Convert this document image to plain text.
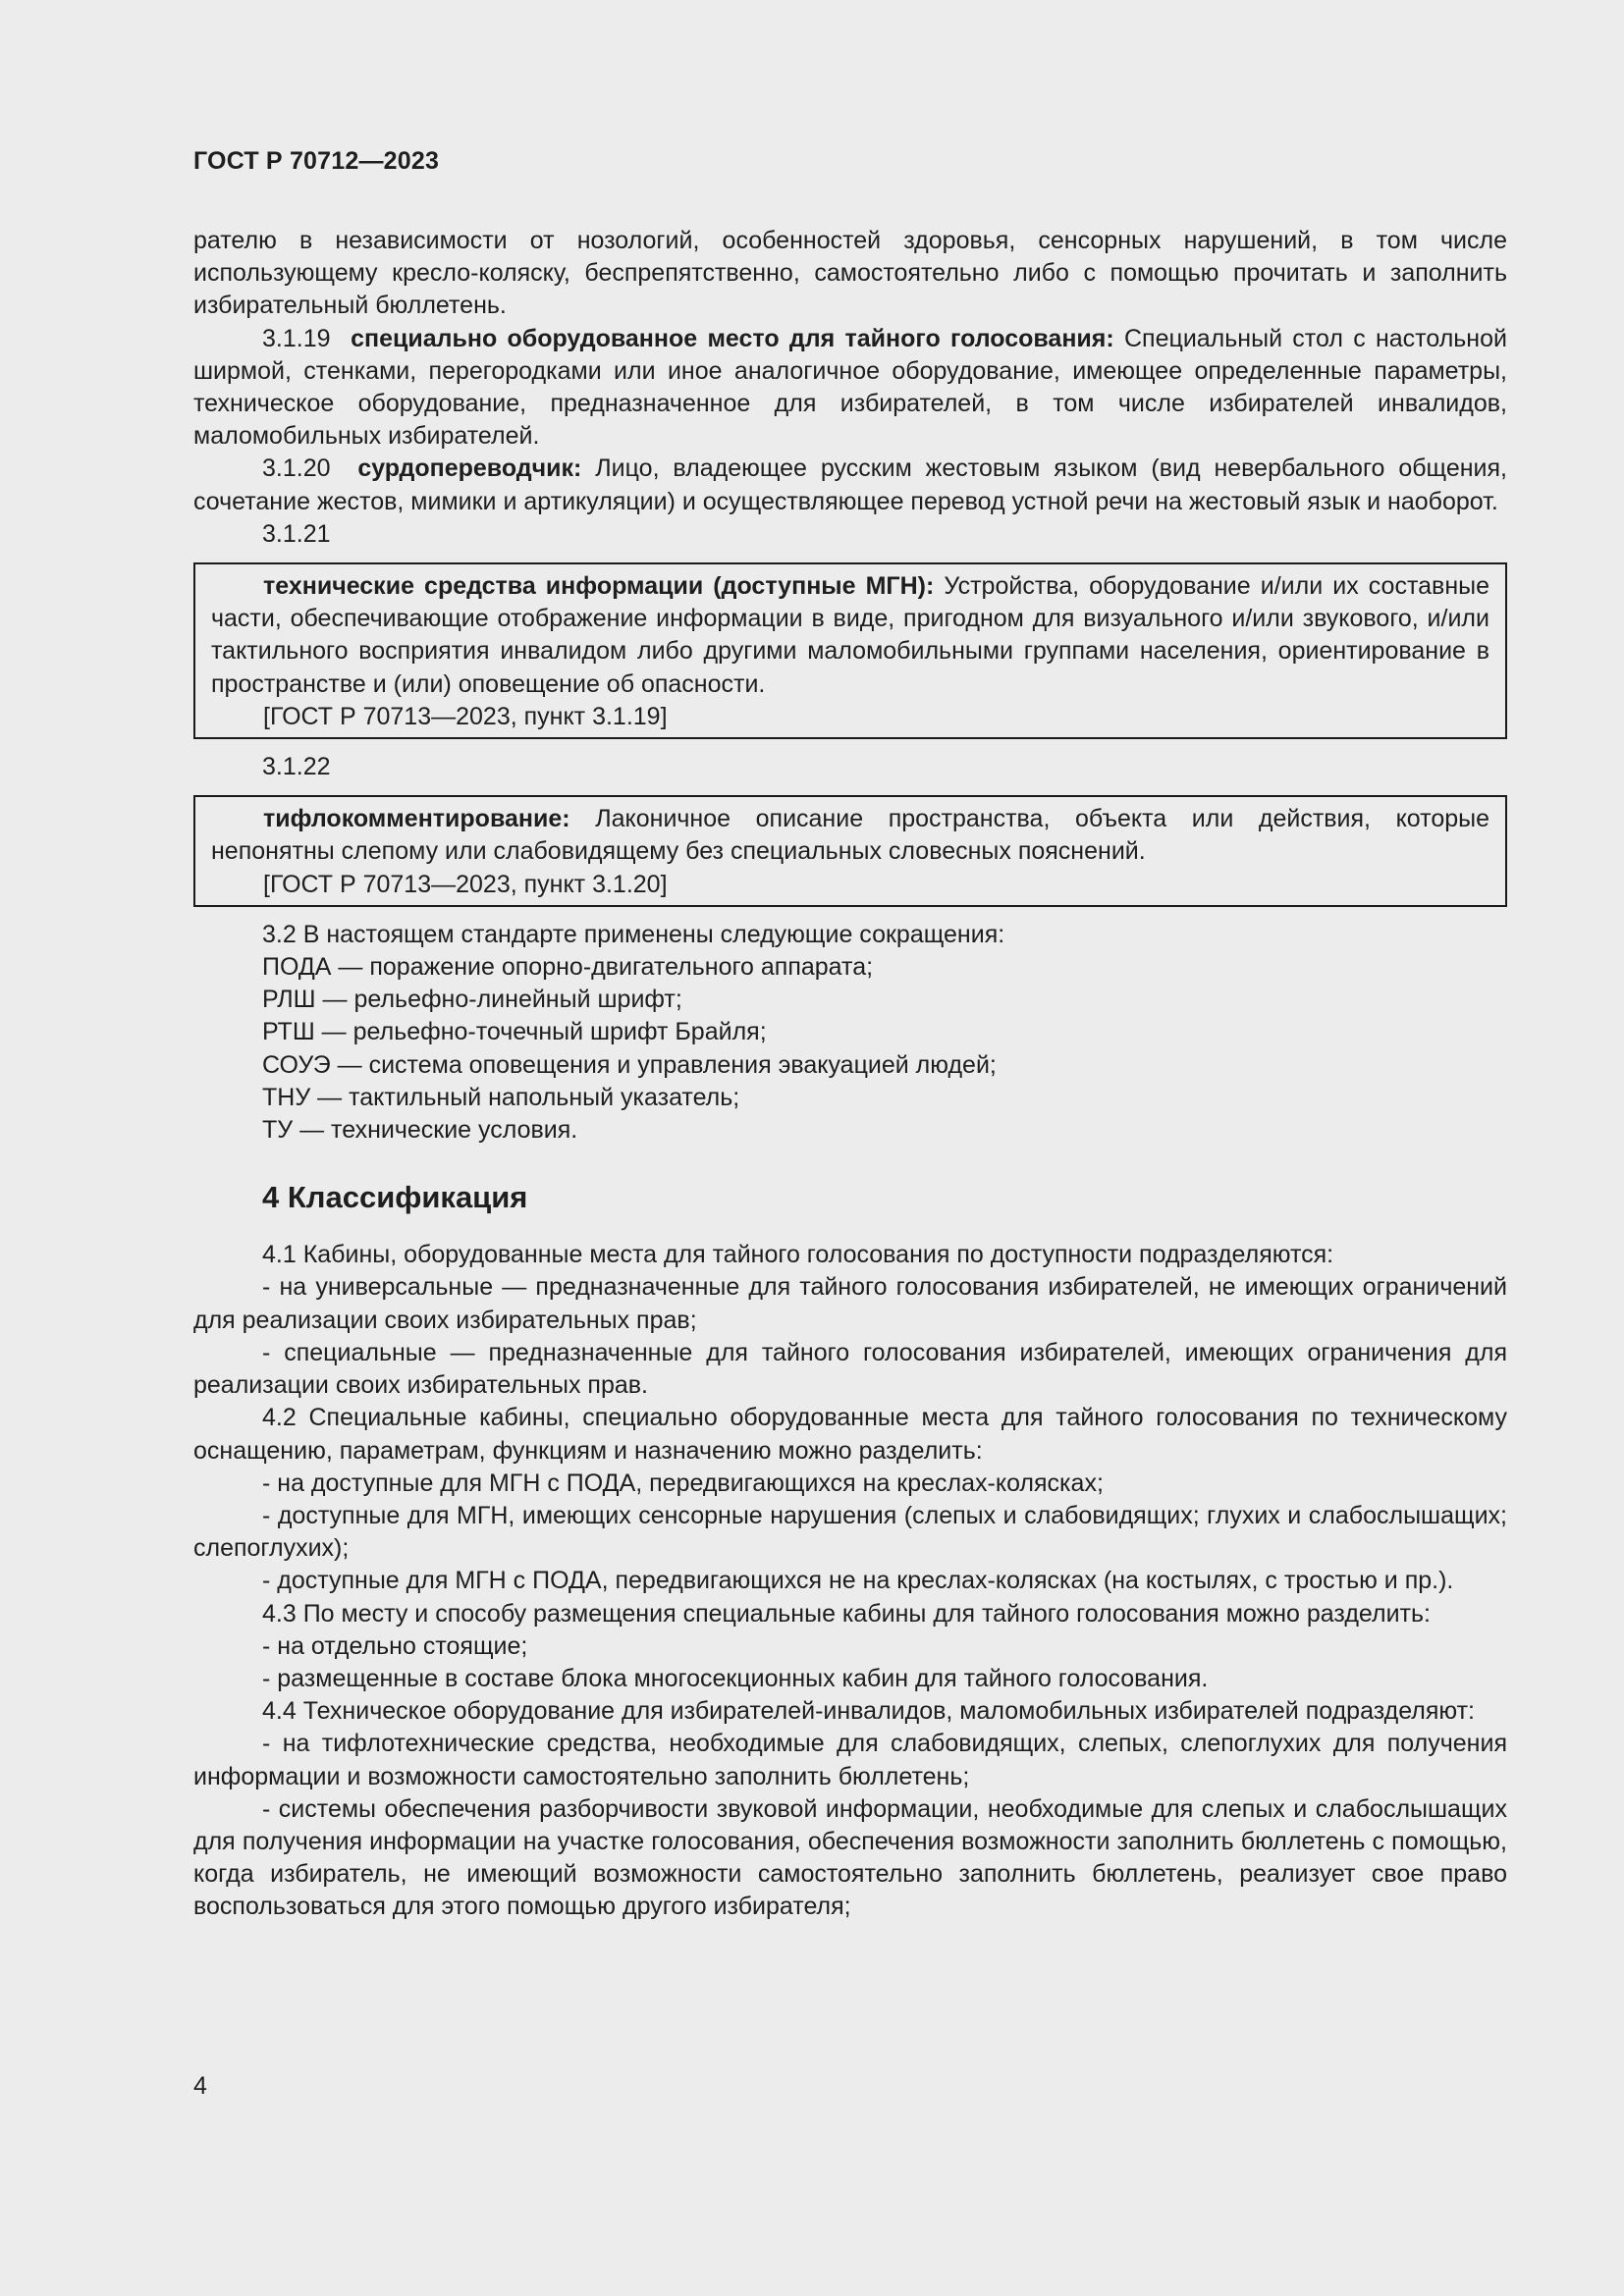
ГОСТ Р 70712—2023

рателю в независимости от нозологий, особенностей здоровья, сенсорных нарушений, в том числе использующему кресло-коляску, беспрепятственно, самостоятельно либо с помощью прочитать и заполнить избирательный бюллетень.

3.1.19 специально оборудованное место для тайного голосования: Специальный стол с настольной ширмой, стенками, перегородками или иное аналогичное оборудование, имеющее определенные параметры, техническое оборудование, предназначенное для избирателей, в том числе избирателей инвалидов, маломобильных избирателей.

3.1.20 сурдопереводчик: Лицо, владеющее русским жестовым языком (вид невербального общения, сочетание жестов, мимики и артикуляции) и осуществляющее перевод устной речи на жестовый язык и наоборот.

3.1.21

технические средства информации (доступные МГН): Устройства, оборудование и/или их составные части, обеспечивающие отображение информации в виде, пригодном для визуального и/или звукового, и/или тактильного восприятия инвалидом либо другими маломобильными группами населения, ориентирование в пространстве и (или) оповещение об опасности.

[ГОСТ Р 70713—2023, пункт 3.1.19]

3.1.22

тифлокомментирование: Лаконичное описание пространства, объекта или действия, которые непонятны слепому или слабовидящему без специальных словесных пояснений.

[ГОСТ Р 70713—2023, пункт 3.1.20]

3.2 В настоящем стандарте применены следующие сокращения:

ПОДА — поражение опорно-двигательного аппарата;

РЛШ — рельефно-линейный шрифт;

РТШ — рельефно-точечный шрифт Брайля;

СОУЭ — система оповещения и управления эвакуацией людей;

ТНУ — тактильный напольный указатель;

ТУ — технические условия.

4 Классификация

4.1 Кабины, оборудованные места для тайного голосования по доступности подразделяются:

- на универсальные — предназначенные для тайного голосования избирателей, не имеющих ограничений для реализации своих избирательных прав;

- специальные — предназначенные для тайного голосования избирателей, имеющих ограничения для реализации своих избирательных прав.

4.2 Специальные кабины, специально оборудованные места для тайного голосования по техническому оснащению, параметрам, функциям и назначению можно разделить:

- на доступные для МГН с ПОДА, передвигающихся на креслах-колясках;

- доступные для МГН, имеющих сенсорные нарушения (слепых и слабовидящих; глухих и слабослышащих; слепоглухих);

- доступные для МГН с ПОДА, передвигающихся не на креслах-колясках (на костылях, с тростью и пр.).

4.3 По месту и способу размещения специальные кабины для тайного голосования можно разделить:

- на отдельно стоящие;

- размещенные в составе блока многосекционных кабин для тайного голосования.

4.4 Техническое оборудование для избирателей-инвалидов, маломобильных избирателей подразделяют:

- на тифлотехнические средства, необходимые для слабовидящих, слепых, слепоглухих для получения информации и возможности самостоятельно заполнить бюллетень;

- системы обеспечения разборчивости звуковой информации, необходимые для слепых и слабослышащих для получения информации на участке голосования, обеспечения возможности заполнить бюллетень с помощью, когда избиратель, не имеющий возможности самостоятельно заполнить бюллетень, реализует свое право воспользоваться для этого помощью другого избирателя;

4
